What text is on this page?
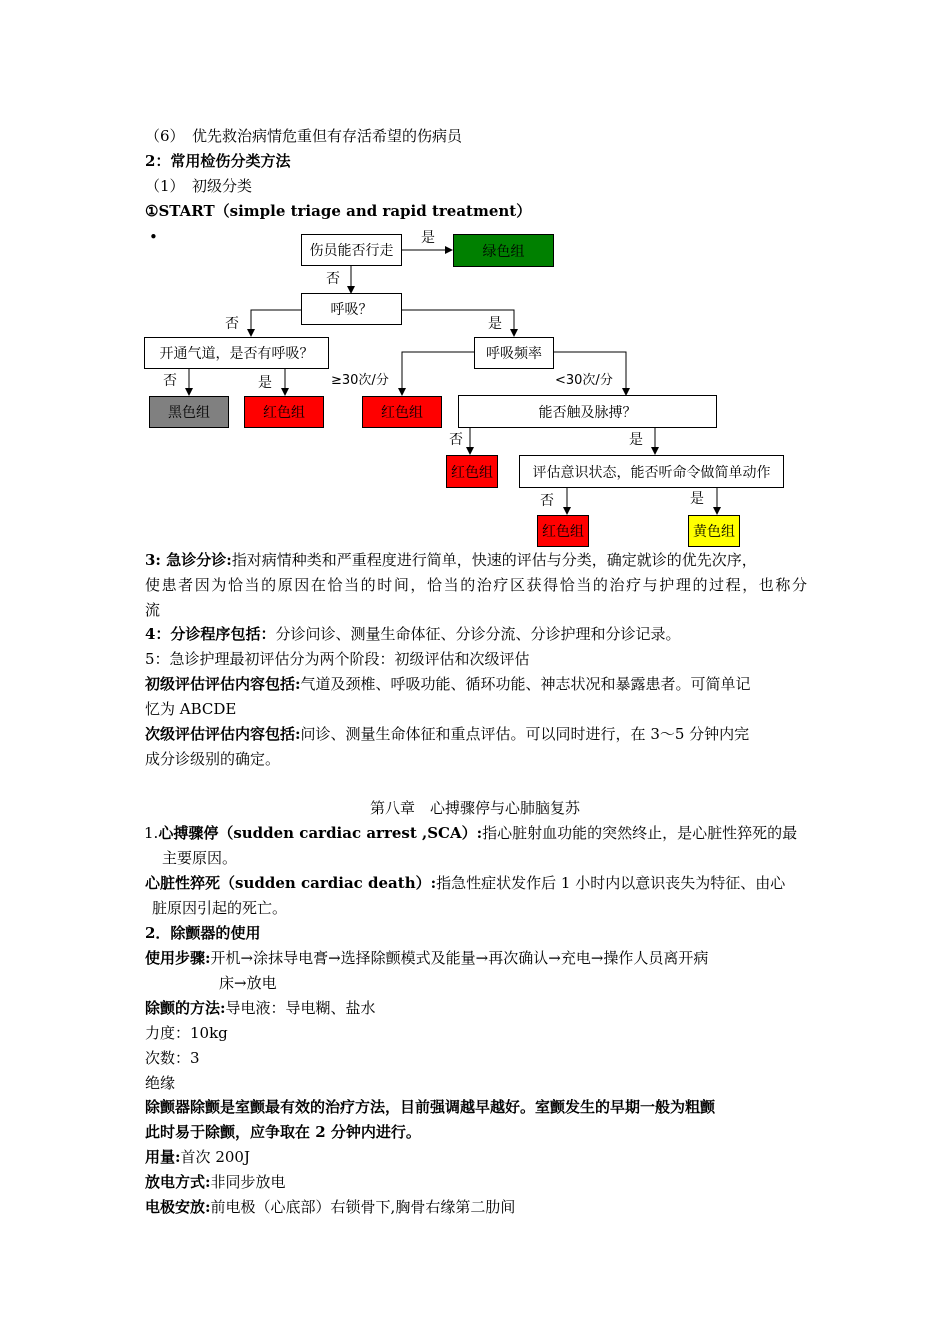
（6）　优先救治病情危重但有存活希望的伤病员
2：常用检伤分类方法
（1）　初级分类
①START（simple triage and rapid treatment）
•
伤员能否行走	绿色组
呼吸？
开通气道，是否有呼吸？	呼吸频率
黑色组	红色组	红色组	能否触及脉搏？
红色组	评估意识状态，能否听命令做简单动作
红色组	黄色组
是
否
否	是
否	是	≥30次/分	<30次/分
否	是
否	是
3: 急诊分诊:指对病情种类和严重程度进行简单，快速的评估与分类，确定就诊的优先次序，
使患者因为恰当的原因在恰当的时间，恰当的治疗区获得恰当的治疗与护理的过程，也称分
流
4：分诊程序包括：分诊问诊、测量生命体征、分诊分流、分诊护理和分诊记录。
5：急诊护理最初评估分为两个阶段：初级评估和次级评估
初级评估评估内容包括:气道及颈椎、呼吸功能、循环功能、神志状况和暴露患者。可简单记
忆为 ABCDE
次级评估评估内容包括:问诊、测量生命体征和重点评估。可以同时进行，在 3～5 分钟内完
成分诊级别的确定。
第八章　心搏骤停与心肺脑复苏
1.心搏骤停（sudden cardiac arrest ,SCA）:指心脏射血功能的突然终止，是心脏性猝死的最
主要原因。
心脏性猝死（sudden cardiac death）:指急性症状发作后 1 小时内以意识丧失为特征、由心
脏原因引起的死亡。
2．除颤器的使用
使用步骤:开机→涂抹导电膏→选择除颤模式及能量→再次确认→充电→操作人员离开病
床→放电
除颤的方法:导电液：导电糊、盐水
力度：10kg
次数：3
绝缘
除颤器除颤是室颤最有效的治疗方法，目前强调越早越好。室颤发生的早期一般为粗颤
此时易于除颤，应争取在 2 分钟内进行。
用量:首次 200J
放电方式:非同步放电
电极安放:前电极（心底部）右锁骨下,胸骨右缘第二肋间
